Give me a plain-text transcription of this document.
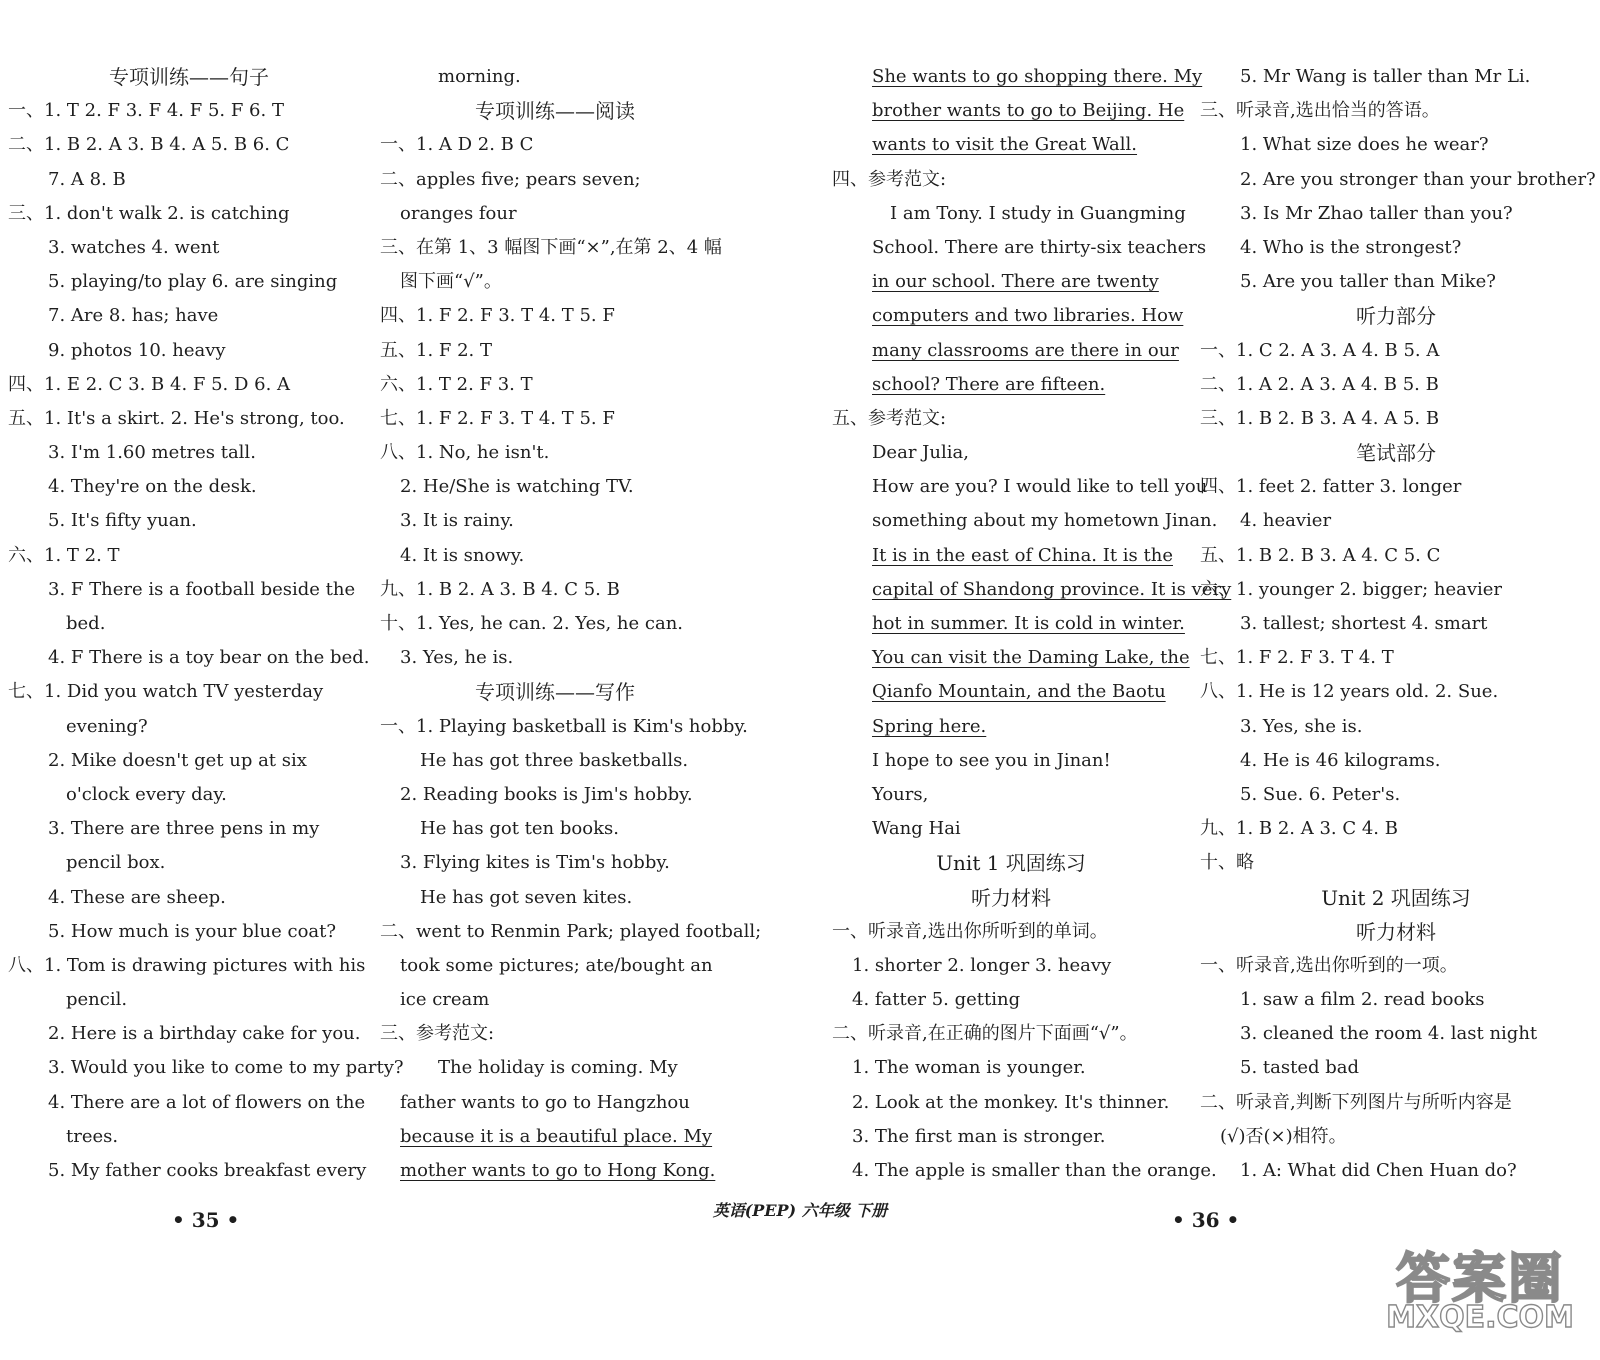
专项训练——句子
一、1. T 2. F 3. F 4. F 5. F 6. T
二、1. B 2. A 3. B 4. A 5. B 6. C
7. A 8. B
三、1. don't walk 2. is catching
3. watches 4. went
5. playing/to play 6. are singing
7. Are 8. has; have
9. photos 10. heavy
四、1. E 2. C 3. B 4. F 5. D 6. A
五、1. It's a skirt. 2. He's strong, too.
3. I'm 1.60 metres tall.
4. They're on the desk.
5. It's fifty yuan.
六、1. T 2. T
3. F There is a football beside the
bed.
4. F There is a toy bear on the bed.
七、1. Did you watch TV yesterday
evening?
2. Mike doesn't get up at six
o'clock every day.
3. There are three pens in my
pencil box.
4. These are sheep.
5. How much is your blue coat?
八、1. Tom is drawing pictures with his
pencil.
2. Here is a birthday cake for you.
3. Would you like to come to my party?
4. There are a lot of flowers on the
trees.
5. My father cooks breakfast every
morning.
专项训练——阅读
一、1. A D 2. B C
二、apples five; pears seven;
oranges four
三、在第 1、3 幅图下画“×”,在第 2、4 幅
图下画“√”。
四、1. F 2. F 3. T 4. T 5. F
五、1. F 2. T
六、1. T 2. F 3. T
七、1. F 2. F 3. T 4. T 5. F
八、1. No, he isn't.
2. He/She is watching TV.
3. It is rainy.
4. It is snowy.
九、1. B 2. A 3. B 4. C 5. B
十、1. Yes, he can. 2. Yes, he can.
3. Yes, he is.
专项训练——写作
一、1. Playing basketball is Kim's hobby.
He has got three basketballs.
2. Reading books is Jim's hobby.
He has got ten books.
3. Flying kites is Tim's hobby.
He has got seven kites.
二、went to Renmin Park; played football;
took some pictures; ate/bought an
ice cream
三、参考范文:
The holiday is coming. My
father wants to go to Hangzhou
because it is a beautiful place. My
mother wants to go to Hong Kong.
She wants to go shopping there. My
brother wants to go to Beijing. He
wants to visit the Great Wall.
四、参考范文:
I am Tony. I study in Guangming
School. There are thirty-six teachers
in our school. There are twenty
computers and two libraries. How
many classrooms are there in our
school? There are fifteen.
五、参考范文:
Dear Julia,
How are you? I would like to tell you
something about my hometown Jinan.
It is in the east of China. It is the
capital of Shandong province. It is very
hot in summer. It is cold in winter.
You can visit the Daming Lake, the
Qianfo Mountain, and the Baotu
Spring here.
I hope to see you in Jinan!
Yours,
Wang Hai
Unit 1 巩固练习
听力材料
一、听录音,选出你所听到的单词。
1. shorter 2. longer 3. heavy
4. fatter 5. getting
二、听录音,在正确的图片下面画“√”。
1. The woman is younger.
2. Look at the monkey. It's thinner.
3. The first man is stronger.
4. The apple is smaller than the orange.
5. Mr Wang is taller than Mr Li.
三、听录音,选出恰当的答语。
1. What size does he wear?
2. Are you stronger than your brother?
3. Is Mr Zhao taller than you?
4. Who is the strongest?
5. Are you taller than Mike?
听力部分
一、1. C 2. A 3. A 4. B 5. A
二、1. A 2. A 3. A 4. B 5. B
三、1. B 2. B 3. A 4. A 5. B
笔试部分
四、1. feet 2. fatter 3. longer
4. heavier
五、1. B 2. B 3. A 4. C 5. C
六、1. younger 2. bigger; heavier
3. tallest; shortest 4. smart
七、1. F 2. F 3. T 4. T
八、1. He is 12 years old. 2. Sue.
3. Yes, she is.
4. He is 46 kilograms.
5. Sue. 6. Peter's.
九、1. B 2. A 3. C 4. B
十、略
Unit 2 巩固练习
听力材料
一、听录音,选出你听到的一项。
1. saw a film 2. read books
3. cleaned the room 4. last night
5. tasted bad
二、听录音,判断下列图片与所听内容是
(√)否(×)相符。
1. A: What did Chen Huan do?
• 35 •	英语(PEP) 六年级 下册	• 36 •
答案圈
MXQE.COM
